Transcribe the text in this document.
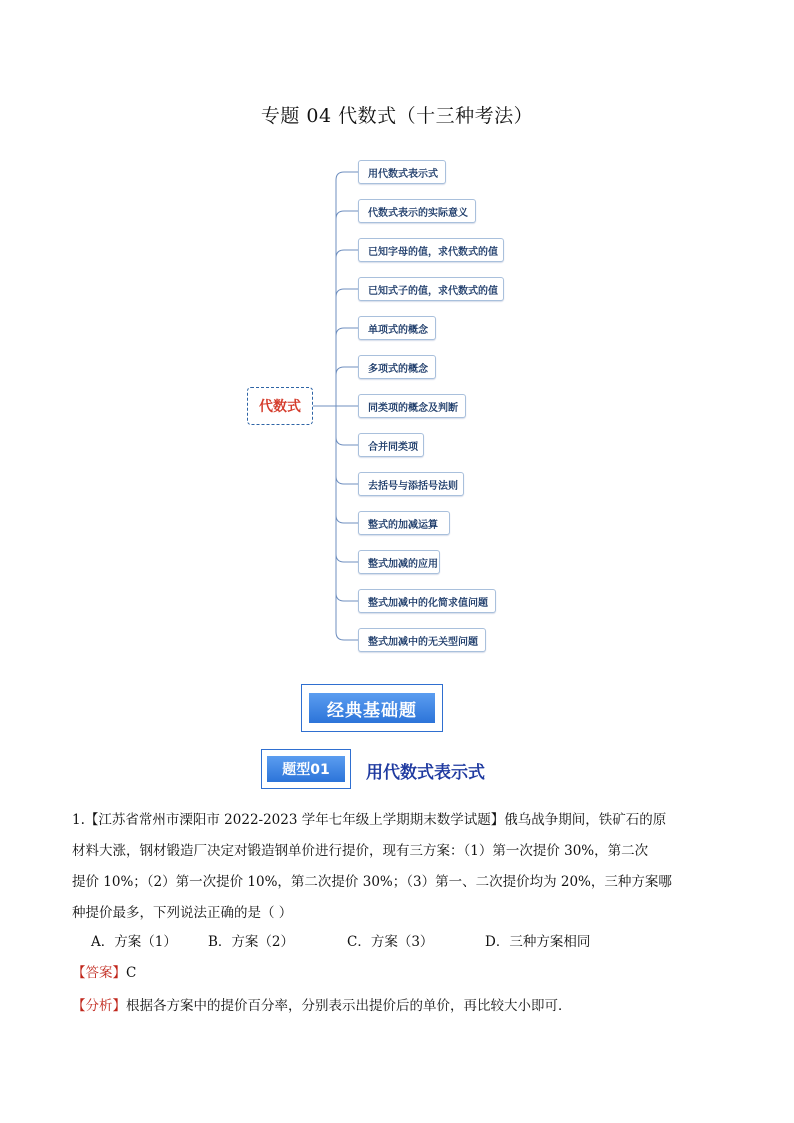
专题 04 代数式（十三种考法）
代数式
用代数式表示式
代数式表示的实际意义
已知字母的值，求代数式的值
已知式子的值，求代数式的值
单项式的概念
多项式的概念
同类项的概念及判断
合并同类项
去括号与添括号法则
整式的加减运算
整式加减的应用
整式加减中的化简求值问题
整式加减中的无关型问题
经典基础题
题型01	用代数式表示式
1.【江苏省常州市溧阳市 2022-2023 学年七年级上学期期末数学试题】俄乌战争期间，铁矿石的原
材料大涨，钢材锻造厂决定对锻造钢单价进行提价，现有三方案：（1）第一次提价 30%，第二次
提价 10%；（2）第一次提价 10%，第二次提价 30%；（3）第一、二次提价均为 20%，三种方案哪
种提价最多，下列说法正确的是（ ）
A．方案（1） B．方案（2）	C．方案（3）	D．三种方案相同
【答案】C
【分析】根据各方案中的提价百分率，分别表示出提价后的单价，再比较大小即可．
